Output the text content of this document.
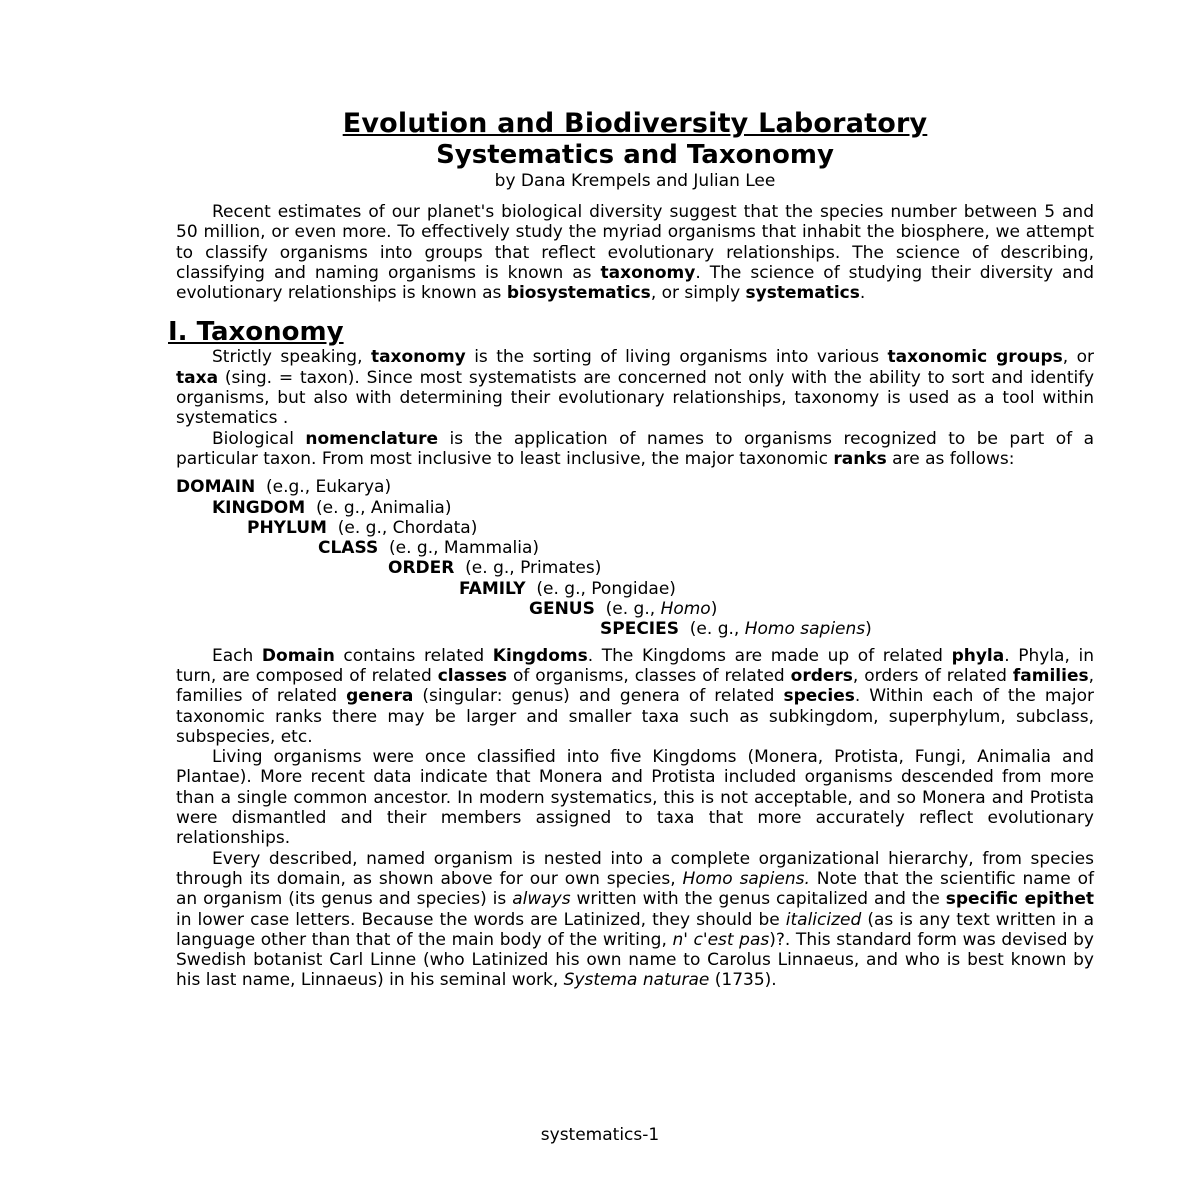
Evolution and Biodiversity Laboratory
Systematics and Taxonomy
by Dana Krempels and Julian Lee

Recent estimates of our planet's biological diversity suggest that the species number between 5 and 50 million, or even more. To effectively study the myriad organisms that inhabit the biosphere, we attempt to classify organisms into groups that reflect evolutionary relationships. The science of describing, classifying and naming organisms is known as taxonomy. The science of studying their diversity and evolutionary relationships is known as biosystematics, or simply systematics.

I. Taxonomy

Strictly speaking, taxonomy is the sorting of living organisms into various taxonomic groups, or taxa (sing. = taxon). Since most systematists are concerned not only with the ability to sort and identify organisms, but also with determining their evolutionary relationships, taxonomy is used as a tool within systematics .

Biological nomenclature is the application of names to organisms recognized to be part of a particular taxon. From most inclusive to least inclusive, the major taxonomic ranks are as follows:

DOMAIN (e.g., Eukarya)
KINGDOM (e. g., Animalia)
PHYLUM (e. g., Chordata)
CLASS (e. g., Mammalia)
ORDER (e. g., Primates)
FAMILY (e. g., Pongidae)
GENUS (e. g., Homo)
SPECIES (e. g., Homo sapiens)

Each Domain contains related Kingdoms. The Kingdoms are made up of related phyla. Phyla, in turn, are composed of related classes of organisms, classes of related orders, orders of related families, families of related genera (singular: genus) and genera of related species. Within each of the major taxonomic ranks there may be larger and smaller taxa such as subkingdom, superphylum, subclass, subspecies, etc.

Living organisms were once classified into five Kingdoms (Monera, Protista, Fungi, Animalia and Plantae). More recent data indicate that Monera and Protista included organisms descended from more than a single common ancestor. In modern systematics, this is not acceptable, and so Monera and Protista were dismantled and their members assigned to taxa that more accurately reflect evolutionary relationships.

Every described, named organism is nested into a complete organizational hierarchy, from species through its domain, as shown above for our own species, Homo sapiens. Note that the scientific name of an organism (its genus and species) is always written with the genus capitalized and the specific epithet in lower case letters. Because the words are Latinized, they should be italicized (as is any text written in a language other than that of the main body of the writing, n' c'est pas)?. This standard form was devised by Swedish botanist Carl Linne (who Latinized his own name to Carolus Linnaeus, and who is best known by his last name, Linnaeus) in his seminal work, Systema naturae (1735).

systematics-1
